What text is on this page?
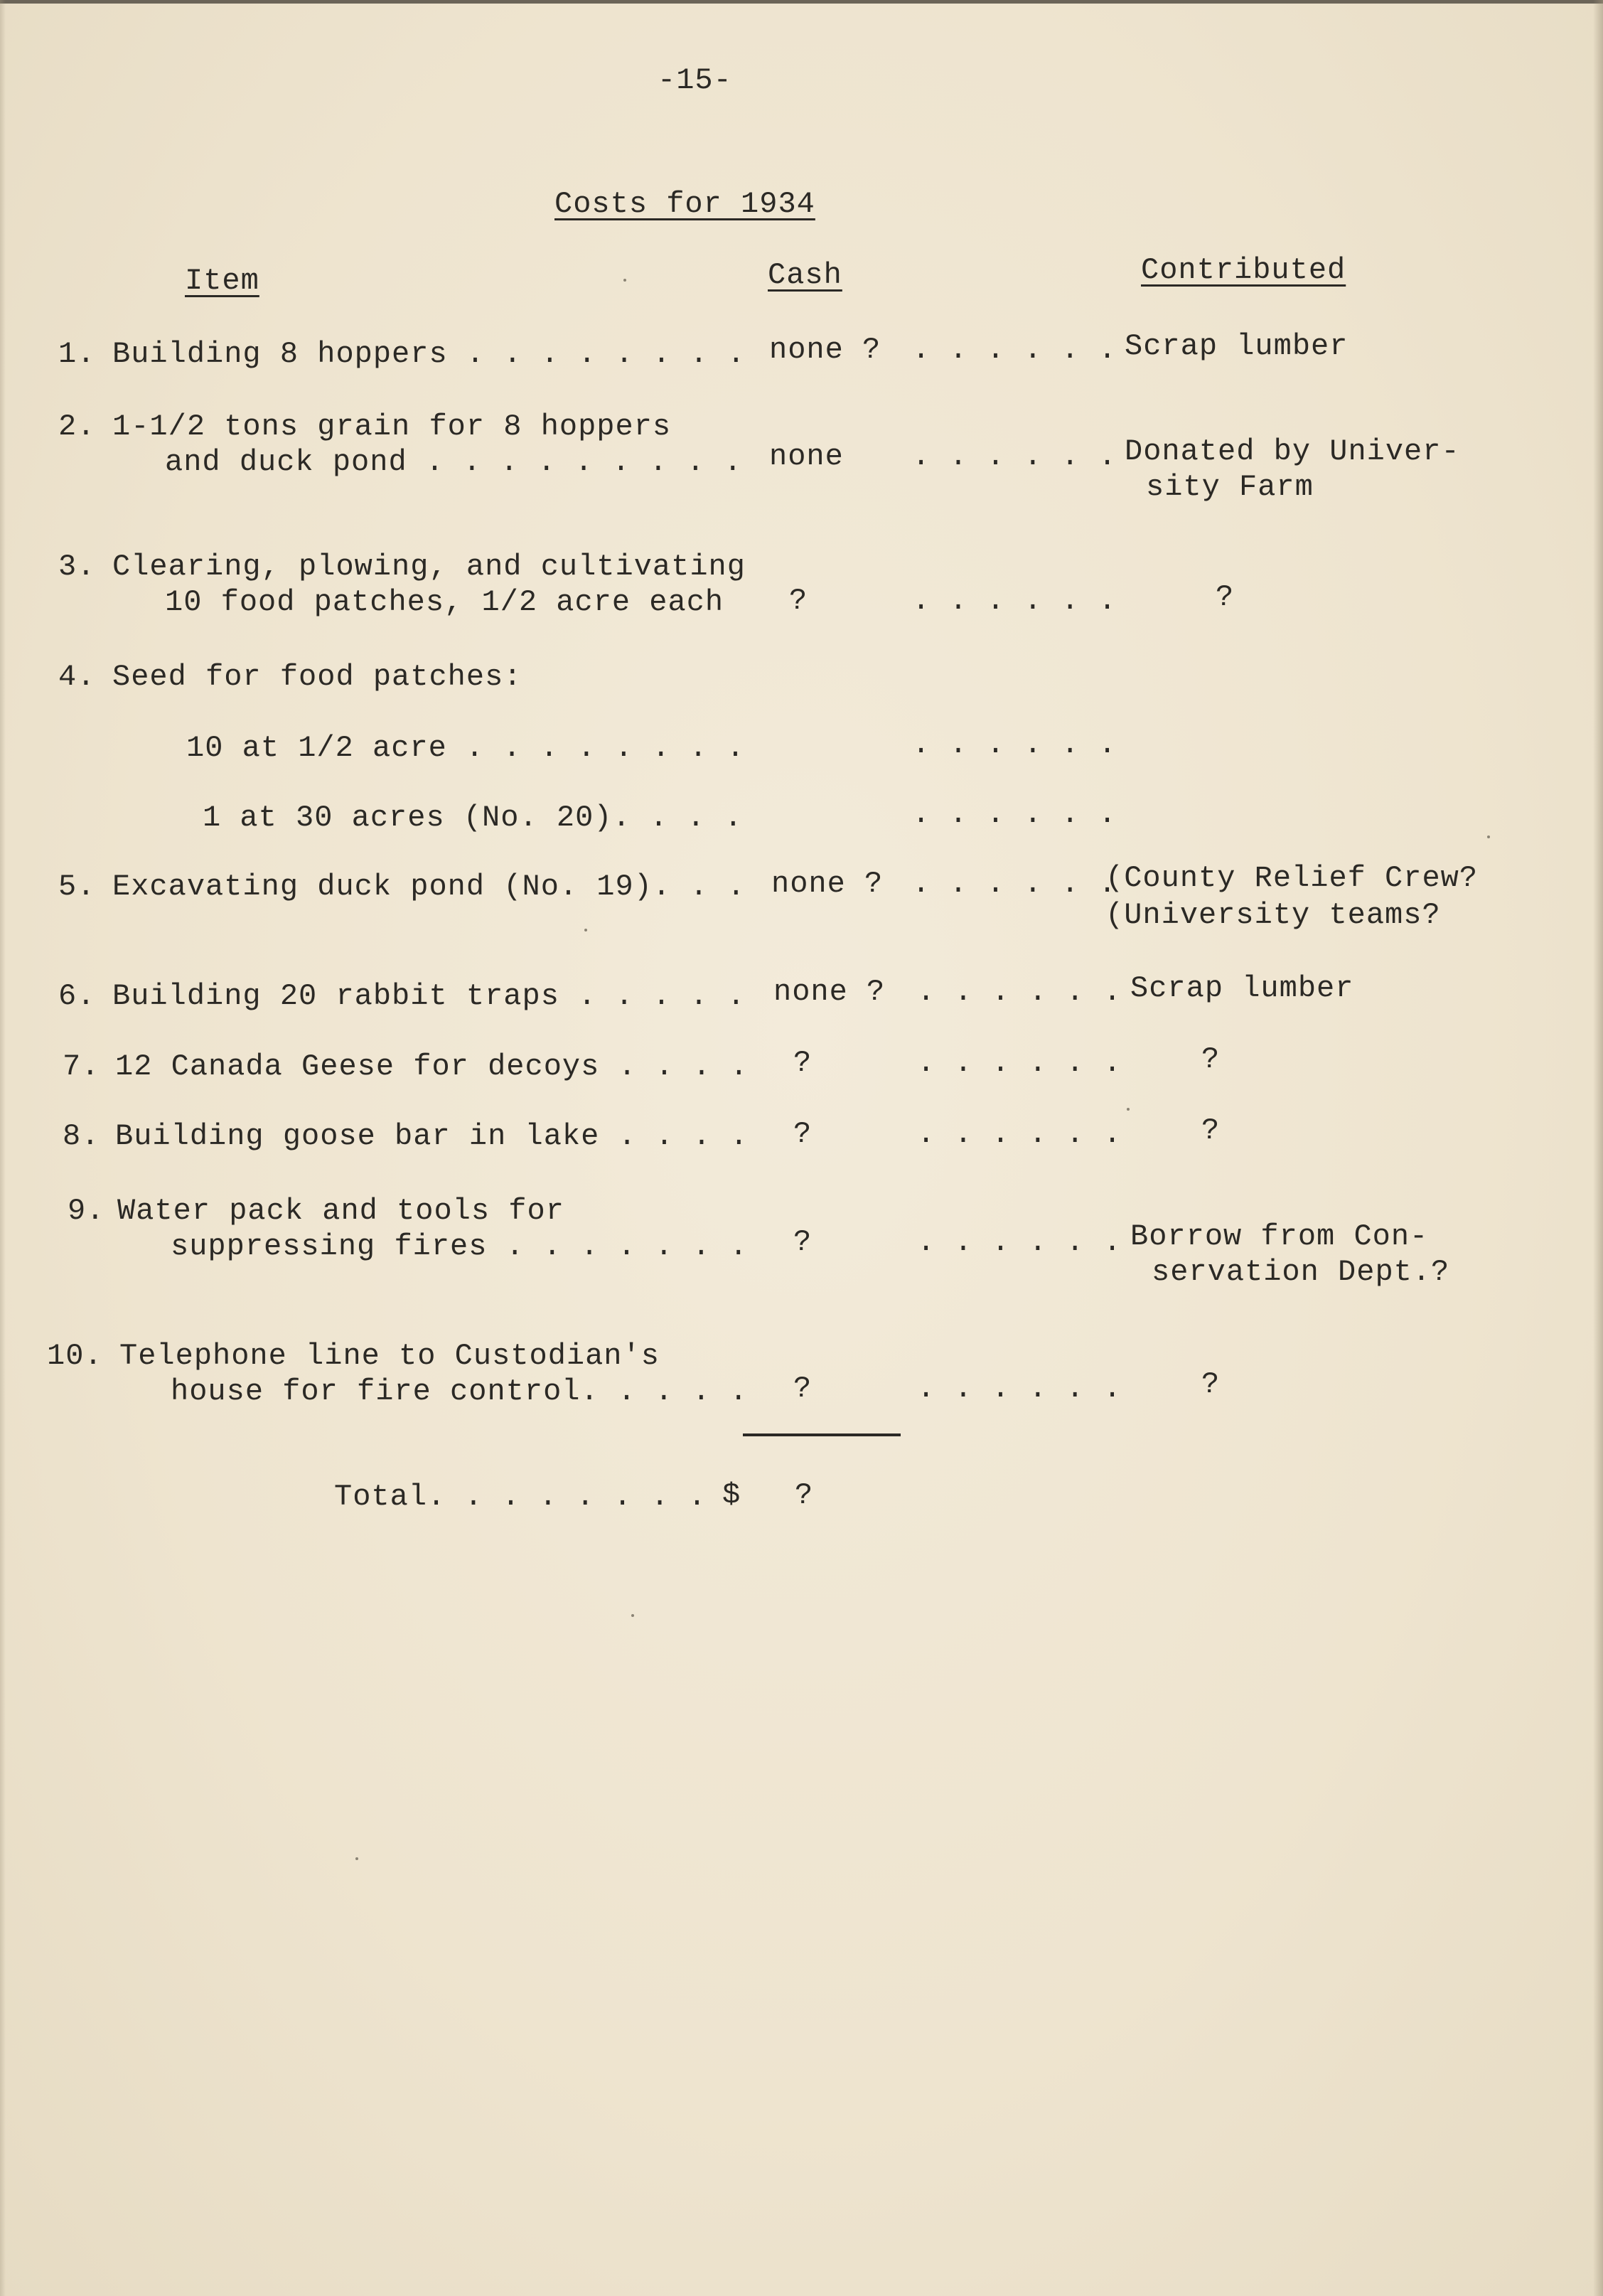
-15-
Costs for 1934
Item	Cash	Contributed
1. Building 8 hoppers . . . . . . . . none ? . . . . . . Scrap lumber
2. 1-1/2 tons grain for 8 hoppers
and duck pond . . . . . . . . . none . . . . . . Donated by Univer-
sity Farm
3. Clearing, plowing, and cultivating
10 food patches, 1/2 acre each ?	. . . . . .	?
4. Seed for food patches:
10 at 1/2 acre . . . . . . . .	. . . . . .
1 at 30 acres (No. 20). . . .	. . . . . .
5. Excavating duck pond (No. 19). . . none ? . . . . . .
(County Relief Crew?
(University teams?
6. Building 20 rabbit traps . . . . . none ? . . . . . . Scrap lumber
7. 12 Canada Geese for decoys . . . . ?	. . . . . .	?
8. Building goose bar in lake . . . . ?	. . . . . .	?
9. Water pack and tools for
suppressing fires . . . . . . . ?	. . . . . . Borrow from Con-
servation Dept.?
10. Telephone line to Custodian's
house for fire control. . . . . ?	. . . . . .	?
Total. . . . . . . . $ ?
